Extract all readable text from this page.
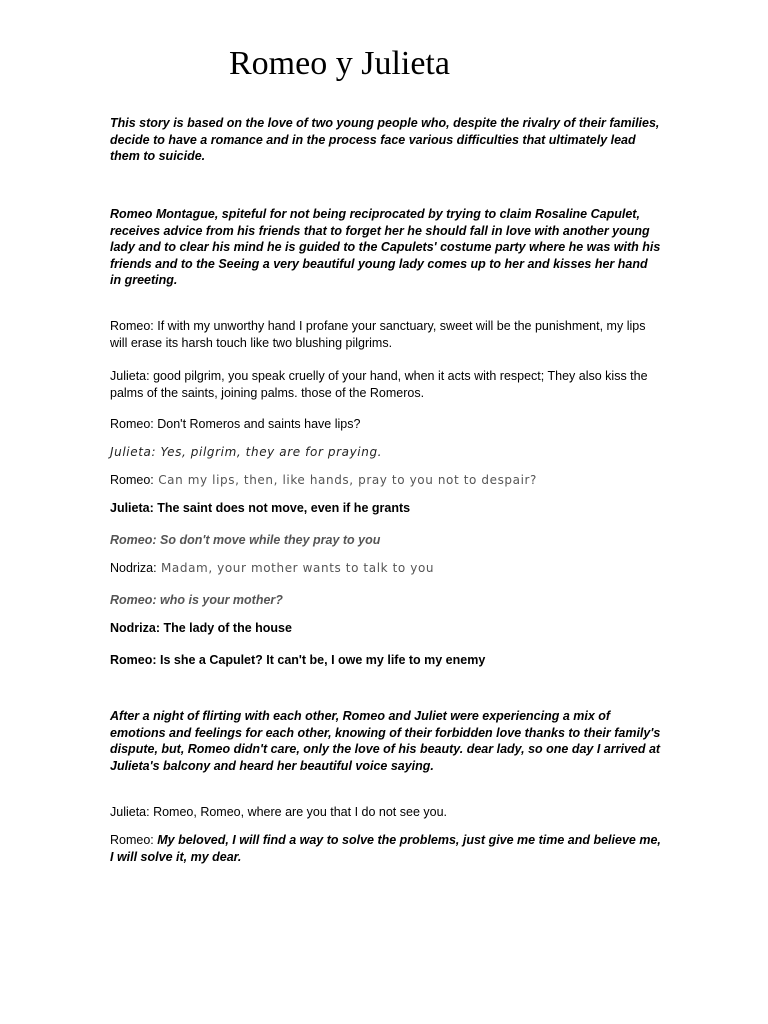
Romeo y Julieta

This story is based on the love of two young people who, despite the rivalry of their families, decide to have a romance and in the process face various difficulties that ultimately lead them to suicide.

Romeo Montague, spiteful for not being reciprocated by trying to claim Rosaline Capulet, receives advice from his friends that to forget her he should fall in love with another young lady and to clear his mind he is guided to the Capulets' costume party where he was with his friends and to the Seeing a very beautiful young lady comes up to her and kisses her hand in greeting.

Romeo: If with my unworthy hand I profane your sanctuary, sweet will be the punishment, my lips will erase its harsh touch like two blushing pilgrims.

Julieta: good pilgrim, you speak cruelly of your hand, when it acts with respect; They also kiss the palms of the saints, joining palms. those of the Romeros.

Romeo: Don't Romeros and saints have lips?

Julieta: Yes, pilgrim, they are for praying.

Romeo: Can my lips, then, like hands, pray to you not to despair?

Julieta: The saint does not move, even if he grants

Romeo: So don't move while they pray to you

Nodriza: Madam, your mother wants to talk to you

Romeo: who is your mother?

Nodriza: The lady of the house

Romeo: Is she a Capulet? It can't be, I owe my life to my enemy

After a night of flirting with each other, Romeo and Juliet were experiencing a mix of emotions and feelings for each other, knowing of their forbidden love thanks to their family's dispute, but, Romeo didn't care, only the love of his beauty. dear lady, so one day I arrived at Julieta's balcony and heard her beautiful voice saying.

Julieta: Romeo, Romeo, where are you that I do not see you.

Romeo: My beloved, I will find a way to solve the problems, just give me time and believe me, I will solve it, my dear.
